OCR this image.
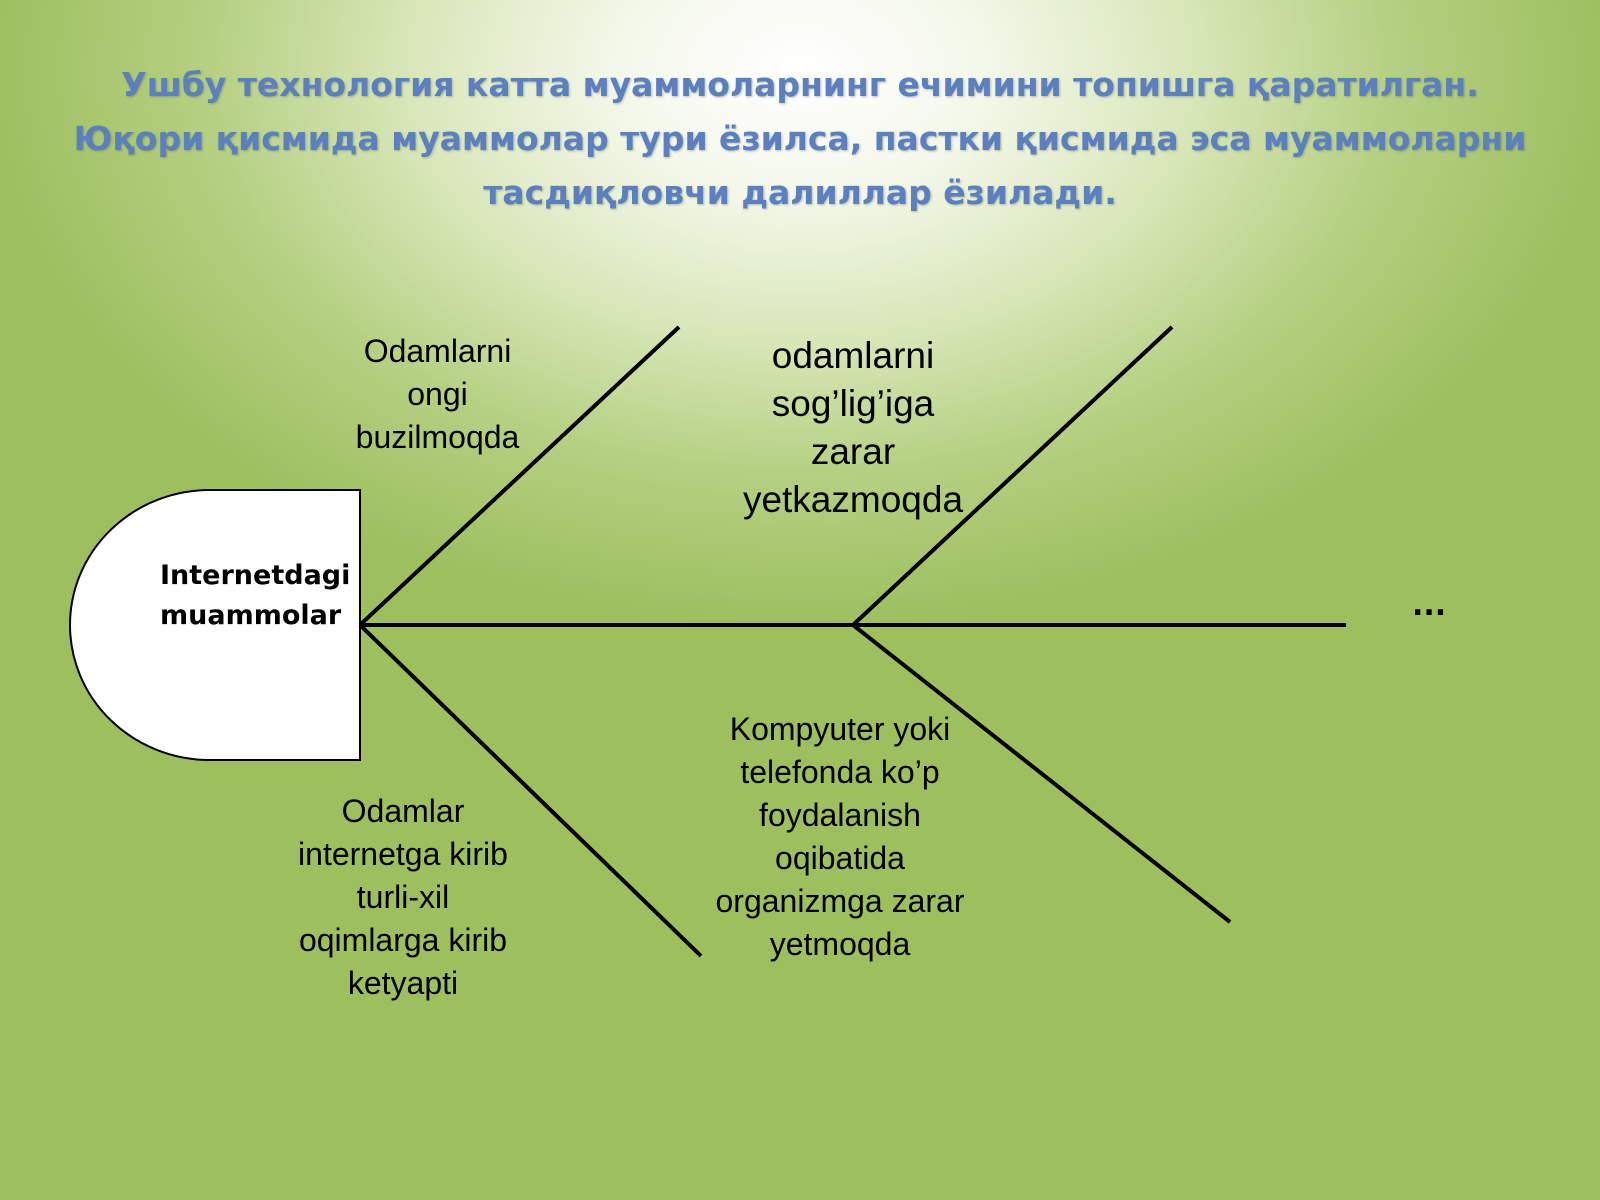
Ушбу технология катта муаммоларнинг ечимини топишга қаратилган.
Юқори қисмида муаммолар тури ёзилса, пастки қисмида эса муаммоларни
тасдиқловчи далиллар ёзилади.
Internetdagi
muammolar
Odamlarni
ongi
buzilmoqda
odamlarni
sog’lig’iga
zarar
yetkazmoqda
Odamlar
internetga kirib
turli-xil
oqimlarga kirib
ketyapti
Kompyuter yoki
telefonda ko’p
foydalanish
oqibatida
organizmga zarar
yetmoqda
...
